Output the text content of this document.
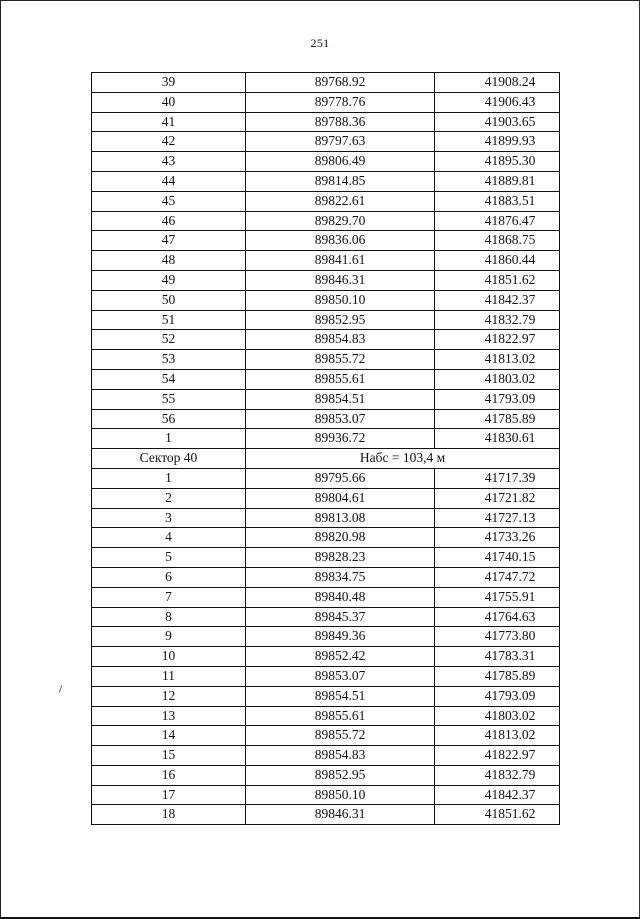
251
39	89768.92	41908.24
40	89778.76	41906.43
41	89788.36	41903.65
42	89797.63	41899.93
43	89806.49	41895.30
44	89814.85	41889.81
45	89822.61	41883.51
46	89829.70	41876.47
47	89836.06	41868.75
48	89841.61	41860.44
49	89846.31	41851.62
50	89850.10	41842.37
51	89852.95	41832.79
52	89854.83	41822.97
53	89855.72	41813.02
54	89855.61	41803.02
55	89854.51	41793.09
56	89853.07	41785.89
1	89936.72	41830.61
Сектор 40	Набс = 103,4 м	
1	89795.66	41717.39
2	89804.61	41721.82
3	89813.08	41727.13
4	89820.98	41733.26
5	89828.23	41740.15
6	89834.75	41747.72
7	89840.48	41755.91
8	89845.37	41764.63
9	89849.36	41773.80
10	89852.42	41783.31
11	89853.07	41785.89
12	89854.51	41793.09
13	89855.61	41803.02
14	89855.72	41813.02
15	89854.83	41822.97
16	89852.95	41832.79
17	89850.10	41842.37
18	89846.31	41851.62
